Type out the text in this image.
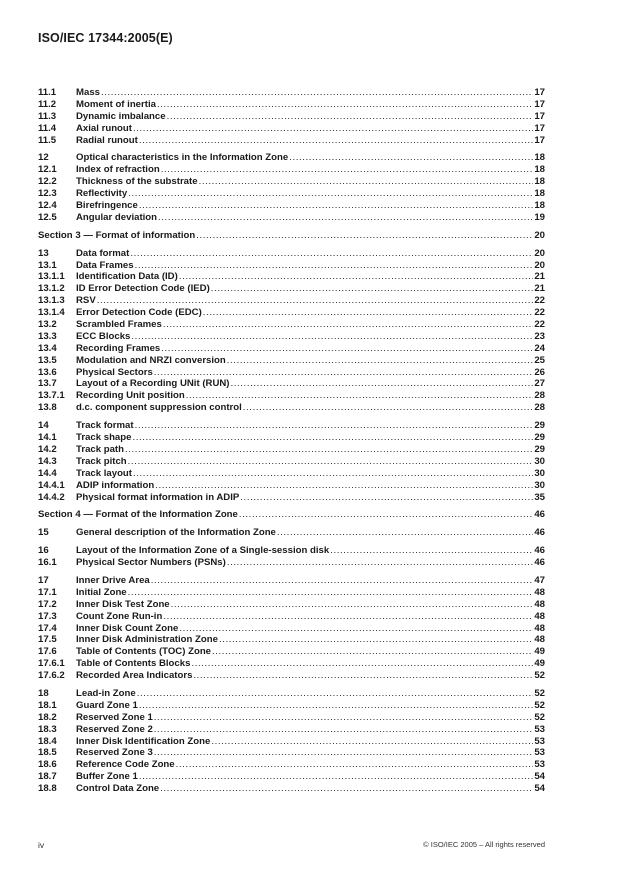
ISO/IEC 17344:2005(E)
11.1	Mass .....	17
11.2	Moment of inertia .....	17
11.3	Dynamic imbalance .....	17
11.4	Axial runout .....	17
11.5	Radial runout .....	17
12	Optical characteristics in the Information Zone .....	18
12.1	Index of refraction .....	18
12.2	Thickness of the substrate .....	18
12.3	Reflectivity .....	18
12.4	Birefringence .....	18
12.5	Angular deviation .....	19
Section 3 — Format of information .....	20
13	Data format .....	20
13.1	Data Frames .....	20
13.1.1	Identification Data (ID) .....	21
13.1.2	ID Error Detection Code (IED) .....	21
13.1.3	RSV .....	22
13.1.4	Error Detection Code (EDC) .....	22
13.2	Scrambled Frames .....	22
13.3	ECC Blocks .....	23
13.4	Recording Frames .....	24
13.5	Modulation and NRZI conversion .....	25
13.6	Physical Sectors .....	26
13.7	Layout of a Recording UNit (RUN) .....	27
13.7.1	Recording Unit position .....	28
13.8	d.c. component suppression control .....	28
14	Track format .....	29
14.1	Track shape .....	29
14.2	Track path .....	29
14.3	Track pitch .....	30
14.4	Track layout .....	30
14.4.1	ADIP information .....	30
14.4.2	Physical format information in ADIP .....	35
Section 4 — Format of the Information Zone .....	46
15	General description of the Information Zone .....	46
16	Layout of the Information Zone of a Single-session disk .....	46
16.1	Physical Sector Numbers (PSNs) .....	46
17	Inner Drive Area .....	47
17.1	Initial Zone .....	48
17.2	Inner Disk Test Zone .....	48
17.3	Count Zone Run-in .....	48
17.4	Inner Disk Count Zone .....	48
17.5	Inner Disk Administration Zone .....	48
17.6	Table of Contents (TOC) Zone .....	49
17.6.1	Table of Contents Blocks .....	49
17.6.2	Recorded Area Indicators .....	52
18	Lead-in Zone .....	52
18.1	Guard Zone 1 .....	52
18.2	Reserved Zone 1 .....	52
18.3	Reserved Zone 2 .....	53
18.4	Inner Disk Identification Zone .....	53
18.5	Reserved Zone 3 .....	53
18.6	Reference Code Zone .....	53
18.7	Buffer Zone 1 .....	54
18.8	Control Data Zone .....	54
iv	© ISO/IEC 2005 – All rights reserved
